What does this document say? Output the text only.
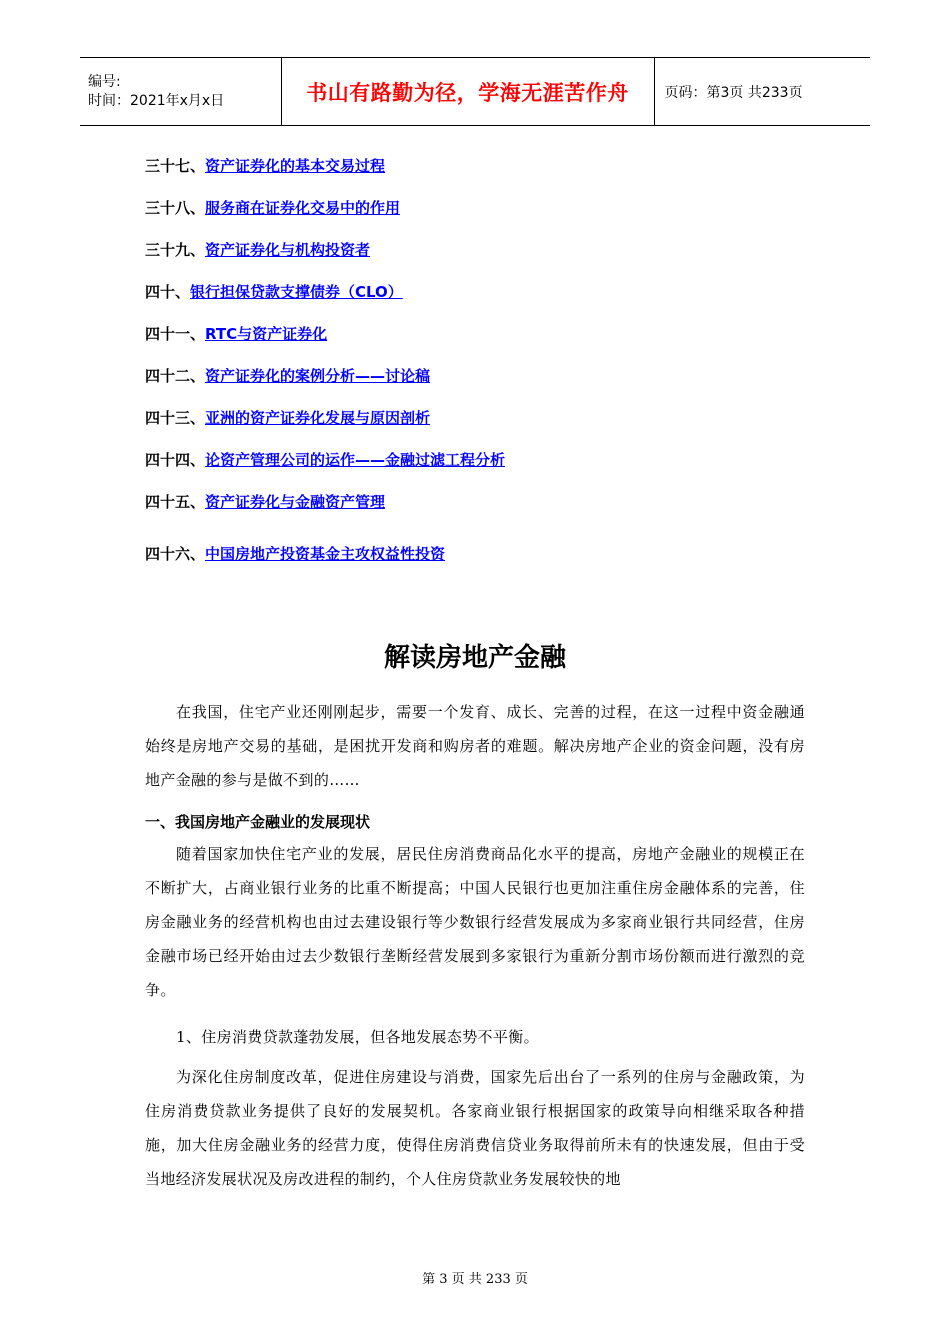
编号:
时间：2021年x月x日	书山有路勤为径，学海无涯苦作舟	页码：第3页 共233页
三十七、资产证券化的基本交易过程
三十八、服务商在证券化交易中的作用
三十九、资产证券化与机构投资者
四十、银行担保贷款支撑债券（CLO）
四十一、RTC与资产证券化
四十二、资产证券化的案例分析——讨论稿
四十三、亚洲的资产证券化发展与原因剖析
四十四、论资产管理公司的运作——金融过滤工程分析
四十五、资产证券化与金融资产管理
四十六、中国房地产投资基金主攻权益性投资
解读房地产金融

在我国，住宅产业还刚刚起步，需要一个发育、成长、完善的过程，在这一过程中资金融通始终是房地产交易的基础，是困扰开发商和购房者的难题。解决房地产企业的资金问题，没有房地产金融的参与是做不到的……

一、我国房地产金融业的发展现状

随着国家加快住宅产业的发展，居民住房消费商品化水平的提高，房地产金融业的规模正在不断扩大，占商业银行业务的比重不断提高；中国人民银行也更加注重住房金融体系的完善，住房金融业务的经营机构也由过去建设银行等少数银行经营发展成为多家商业银行共同经营，住房金融市场已经开始由过去少数银行垄断经营发展到多家银行为重新分割市场份额而进行激烈的竞争。

1、住房消费贷款蓬勃发展，但各地发展态势不平衡。

为深化住房制度改革，促进住房建设与消费，国家先后出台了一系列的住房与金融政策，为住房消费贷款业务提供了良好的发展契机。各家商业银行根据国家的政策导向相继采取各种措施，加大住房金融业务的经营力度，使得住房消费信贷业务取得前所未有的快速发展，但由于受当地经济发展状况及房改进程的制约，个人住房贷款业务发展较快的地

第 3 页 共 233 页
